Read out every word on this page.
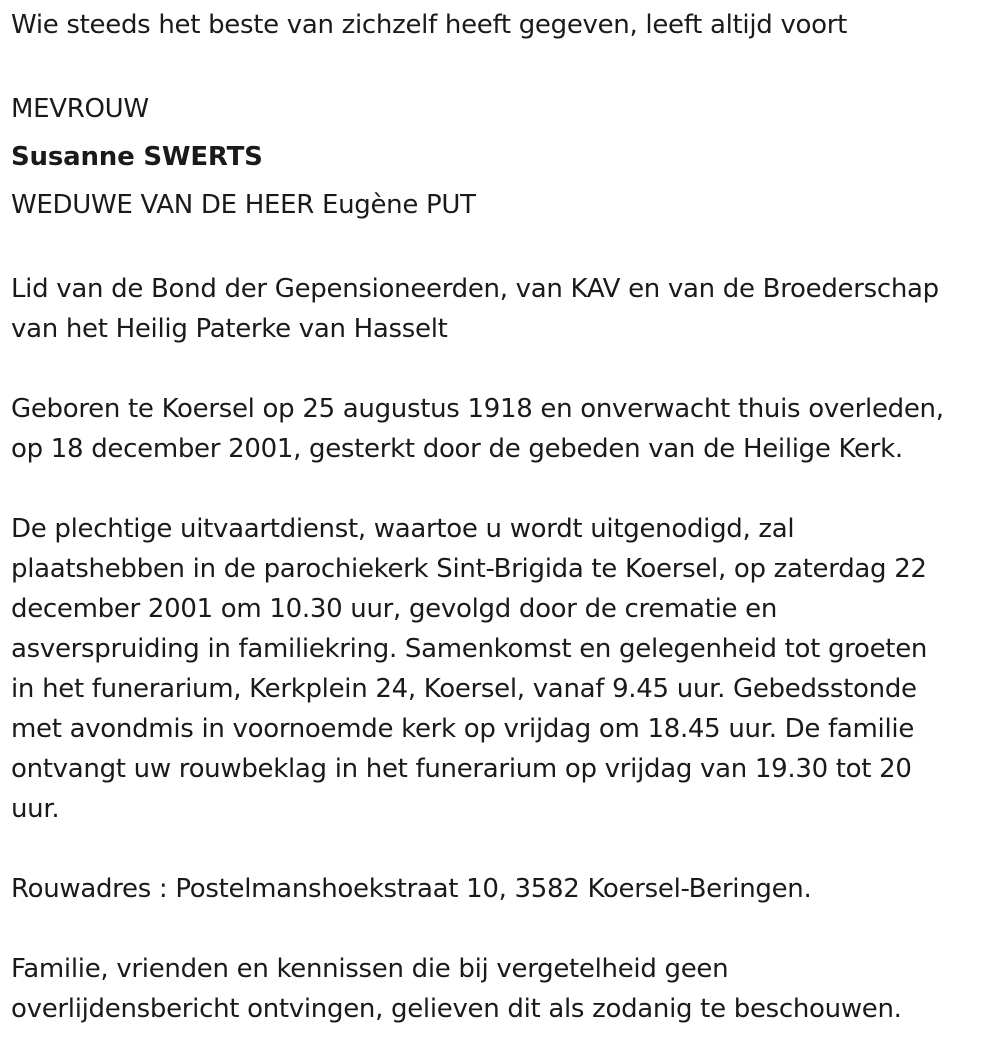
Wie steeds het beste van zichzelf heeft gegeven, leeft altijd voort
MEVROUW
Susanne SWERTS
WEDUWE VAN DE HEER Eugène PUT
Lid van de Bond der Gepensioneerden, van KAV en van de Broederschap
van het Heilig Paterke van Hasselt
Geboren te Koersel op 25 augustus 1918 en onverwacht thuis overleden,
op 18 december 2001, gesterkt door de gebeden van de Heilige Kerk.
De plechtige uitvaartdienst, waartoe u wordt uitgenodigd, zal
plaatshebben in de parochiekerk Sint-Brigida te Koersel, op zaterdag 22
december 2001 om 10.30 uur, gevolgd door de crematie en
asverspruiding in familiekring. Samenkomst en gelegenheid tot groeten
in het funerarium, Kerkplein 24, Koersel, vanaf 9.45 uur. Gebedsstonde
met avondmis in voornoemde kerk op vrijdag om 18.45 uur. De familie
ontvangt uw rouwbeklag in het funerarium op vrijdag van 19.30 tot 20
uur.
Rouwadres : Postelmanshoekstraat 10, 3582 Koersel-Beringen.
Familie, vrienden en kennissen die bij vergetelheid geen
overlijdensbericht ontvingen, gelieven dit als zodanig te beschouwen.
